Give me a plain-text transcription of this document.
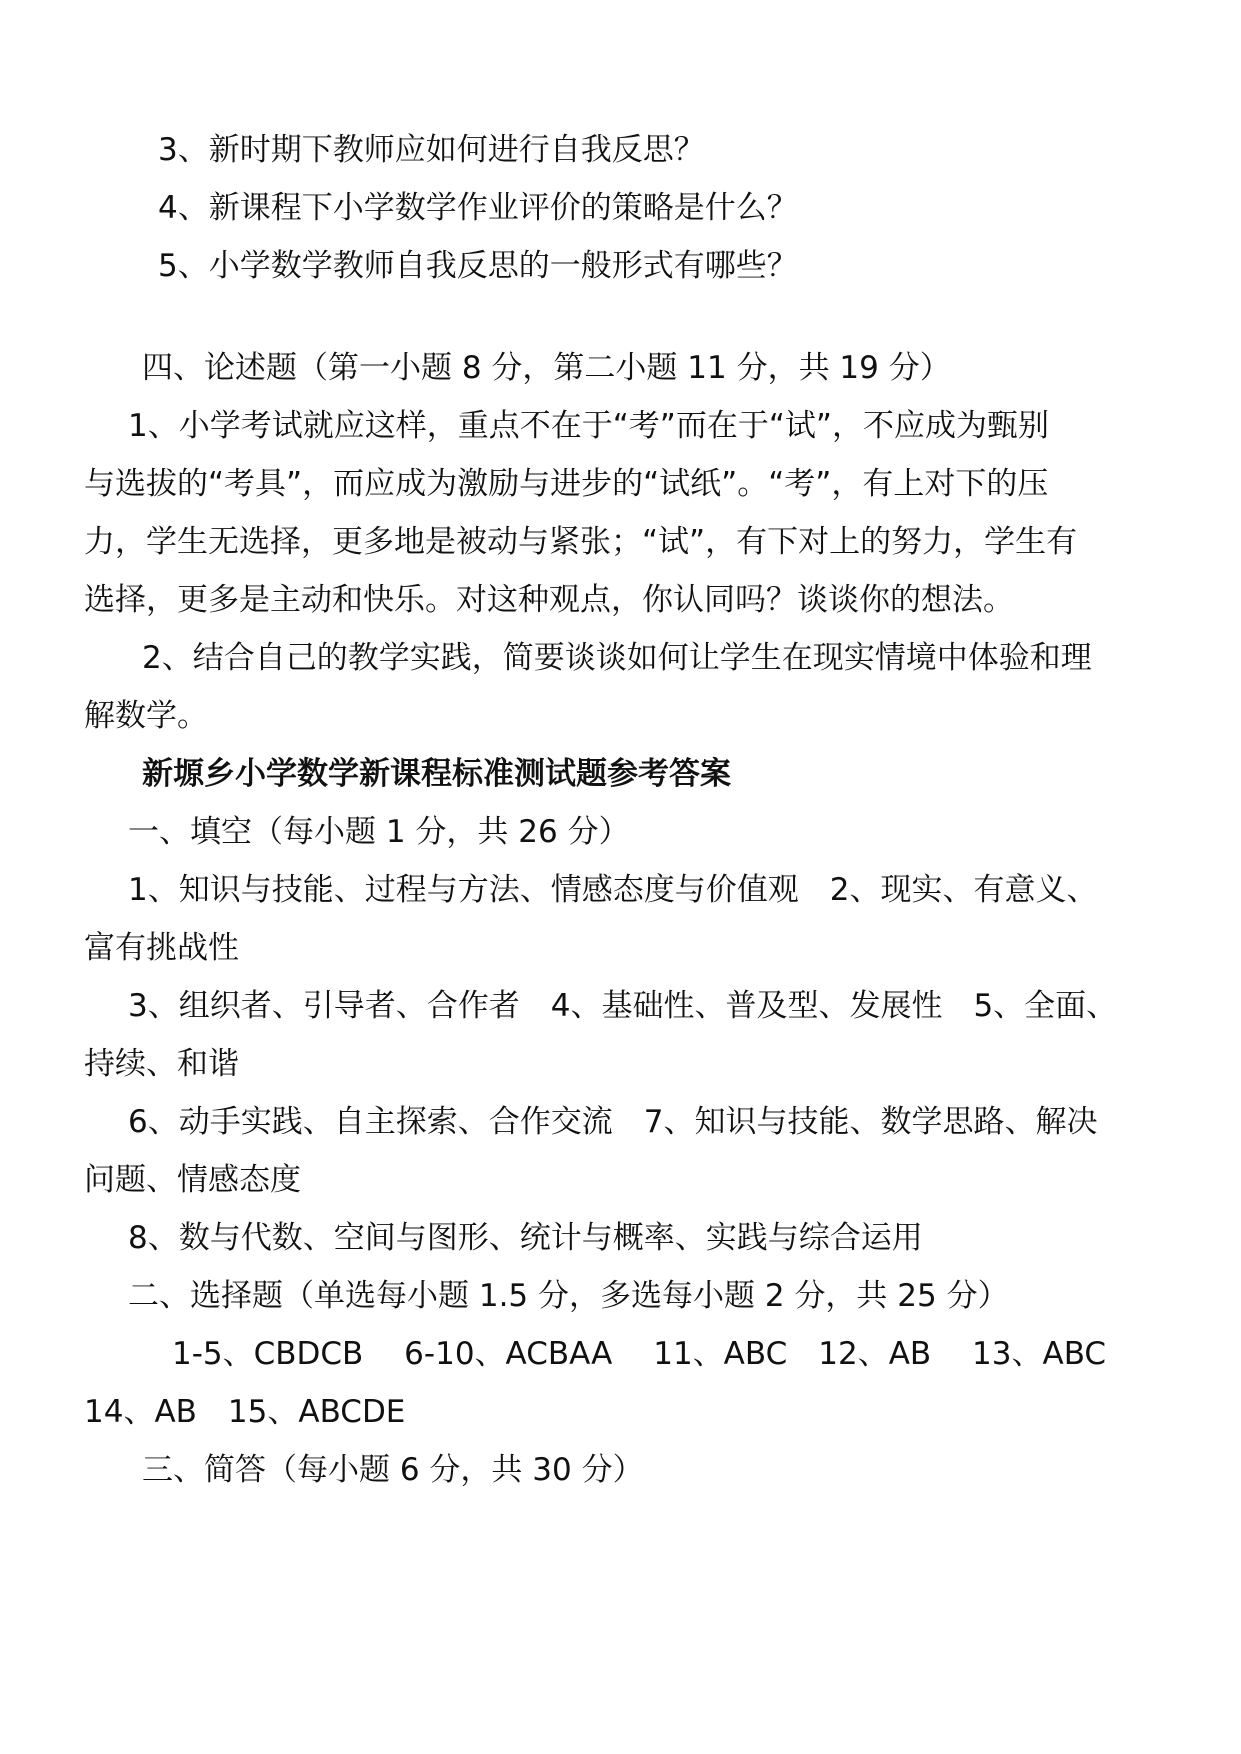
3、新时期下教师应如何进行自我反思？

4、新课程下小学数学作业评价的策略是什么？

5、小学数学教师自我反思的一般形式有哪些？

四、论述题（第一小题 8 分，第二小题 11 分，共 19 分）

1、小学考试就应这样，重点不在于“考”而在于“试”，不应成为甄别

与选拔的“考具”，而应成为激励与进步的“试纸”。“考”，有上对下的压

力，学生无选择，更多地是被动与紧张；“试”，有下对上的努力，学生有

选择，更多是主动和快乐。对这种观点，你认同吗？谈谈你的想法。

2、结合自己的教学实践，简要谈谈如何让学生在现实情境中体验和理

解数学。

新塬乡小学数学新课程标准测试题参考答案

一、填空（每小题 1 分，共 26 分）

1、知识与技能、过程与方法、情感态度与价值观　2、现实、有意义、

富有挑战性

3、组织者、引导者、合作者　4、基础性、普及型、发展性　5、全面、

持续、和谐

6、动手实践、自主探索、合作交流　7、知识与技能、数学思路、解决

问题、情感态度

8、数与代数、空间与图形、统计与概率、实践与综合运用

二、选择题（单选每小题 1.5 分，多选每小题 2 分，共 25 分）

1-5、CBDCB　 6-10、ACBAA　 11、ABC　12、AB　 13、ABC

14、AB　15、ABCDE

三、简答（每小题 6 分，共 30 分）
